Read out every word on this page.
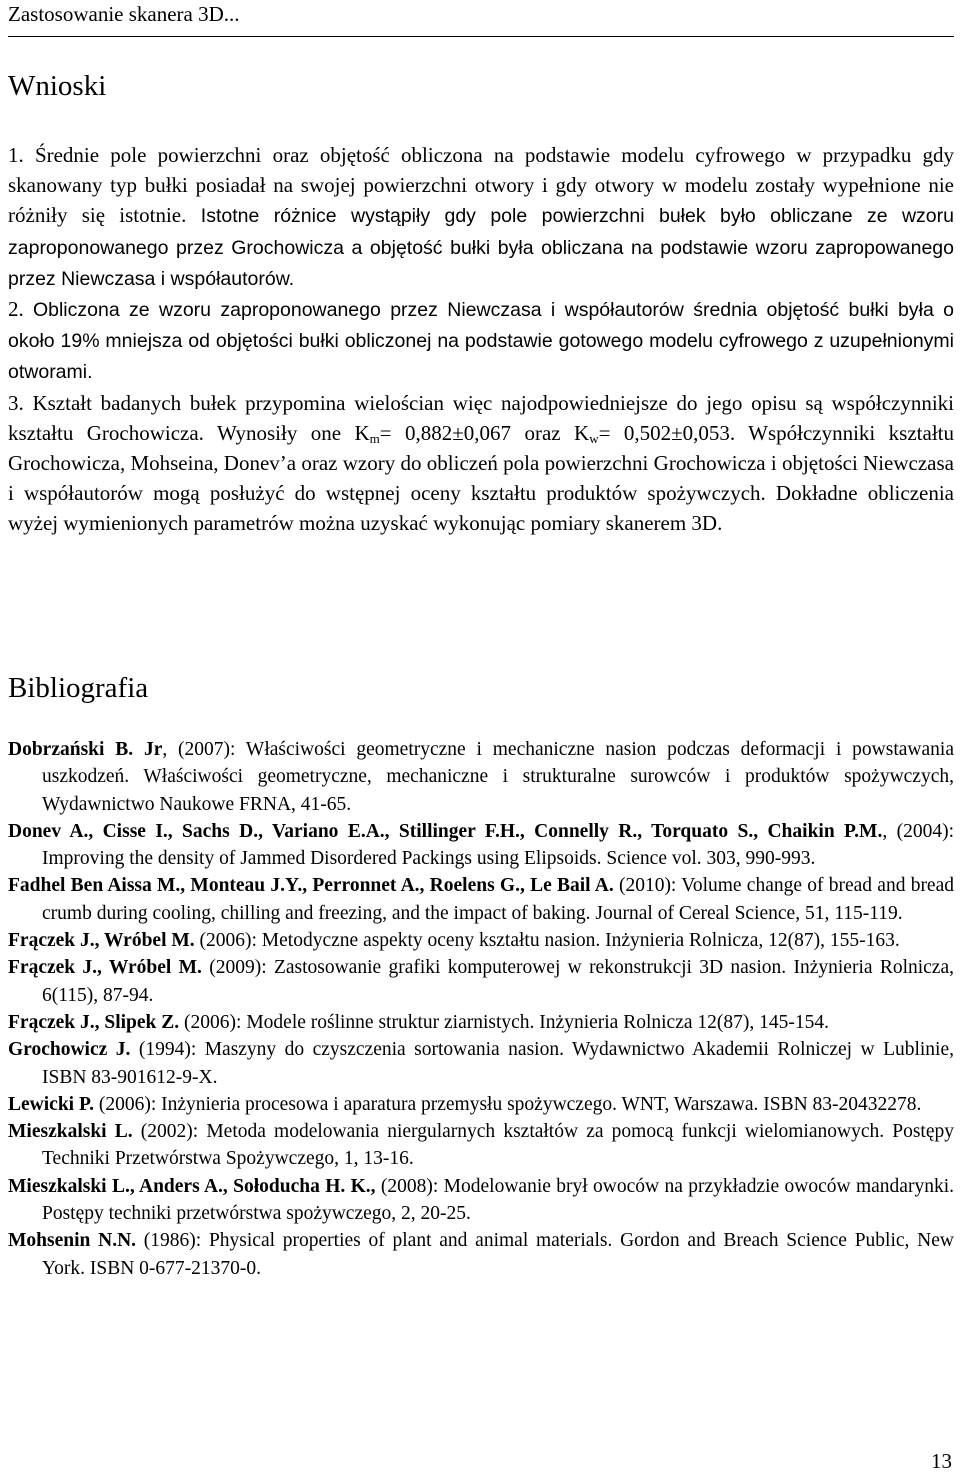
Zastosowanie skanera 3D...
Wnioski

1. Średnie pole powierzchni oraz objętość obliczona na podstawie modelu cyfrowego w przypadku gdy skanowany typ bułki posiadał na swojej powierzchni otwory i gdy otwory w modelu zostały wypełnione nie różniły się istotnie. Istotne różnice wystąpiły gdy pole powierzchni bułek było obliczane ze wzoru zaproponowanego przez Grochowicza a objętość bułki była obliczana na podstawie wzoru zapropowanego przez Niewczasa i współautorów.

2. Obliczona ze wzoru zaproponowanego przez Niewczasa i współautorów średnia objętość bułki była o około 19% mniejsza od objętości bułki obliczonej na podstawie gotowego modelu cyfrowego z uzupełnionymi otworami.

3. Kształt badanych bułek przypomina wielościan więc najodpowiedniejsze do jego opisu są współczynniki kształtu Grochowicza. Wynosiły one $K_m= 0,882\pm 0,067$ oraz $K_w= 0,502\pm 0,053$. Współczynniki kształtu Grochowicza, Mohseina, Donev’a oraz wzory do obliczeń pola powierzchni Grochowicza i objętości Niewczasa i współautorów mogą posłużyć do wstępnej oceny kształtu produktów spożywczych. Dokładne obliczenia wyżej wymienionych parametrów można uzyskać wykonując pomiary skanerem 3D.

Bibliografia

Dobrzański B. Jr, (2007): Właściwości geometryczne i mechaniczne nasion podczas deformacji i powstawania uszkodzeń. Właściwości geometryczne, mechaniczne i strukturalne surowców i produktów spożywczych, Wydawnictwo Naukowe FRNA, 41-65.

Donev A., Cisse I., Sachs D., Variano E.A., Stillinger F.H., Connelly R., Torquato S., Chaikin P.M., (2004): Improving the density of Jammed Disordered Packings using Elipsoids. Science vol. 303, 990-993.

Fadhel Ben Aissa M., Monteau J.Y., Perronnet A., Roelens G., Le Bail A. (2010): Volume change of bread and bread crumb during cooling, chilling and freezing, and the impact of baking. Journal of Cereal Science, 51, 115-119.

Frączek J., Wróbel M. (2006): Metodyczne aspekty oceny kształtu nasion. Inżynieria Rolnicza, 12(87), 155-163.

Frączek J., Wróbel M. (2009): Zastosowanie grafiki komputerowej w rekonstrukcji 3D nasion. Inżynieria Rolnicza, 6(115), 87-94.

Frączek J., Slipek Z. (2006): Modele roślinne struktur ziarnistych. Inżynieria Rolnicza 12(87), 145-154.

Grochowicz J. (1994): Maszyny do czyszczenia sortowania nasion. Wydawnictwo Akademii Rolniczej w Lublinie, ISBN 83-901612-9-X.

Lewicki P. (2006): Inżynieria procesowa i aparatura przemysłu spożywczego. WNT, Warszawa. ISBN 83-20432278.

Mieszkalski L. (2002): Metoda modelowania niergularnych kształtów za pomocą funkcji wielomianowych. Postępy Techniki Przetwórstwa Spożywczego, 1, 13-16.

Mieszkalski L., Anders A., Sołoducha H. K., (2008): Modelowanie brył owoców na przykładzie owoców mandarynki. Postępy techniki przetwórstwa spożywczego, 2, 20-25.

Mohsenin N.N. (1986): Physical properties of plant and animal materials. Gordon and Breach Science Public, New York. ISBN 0-677-21370-0.

13
